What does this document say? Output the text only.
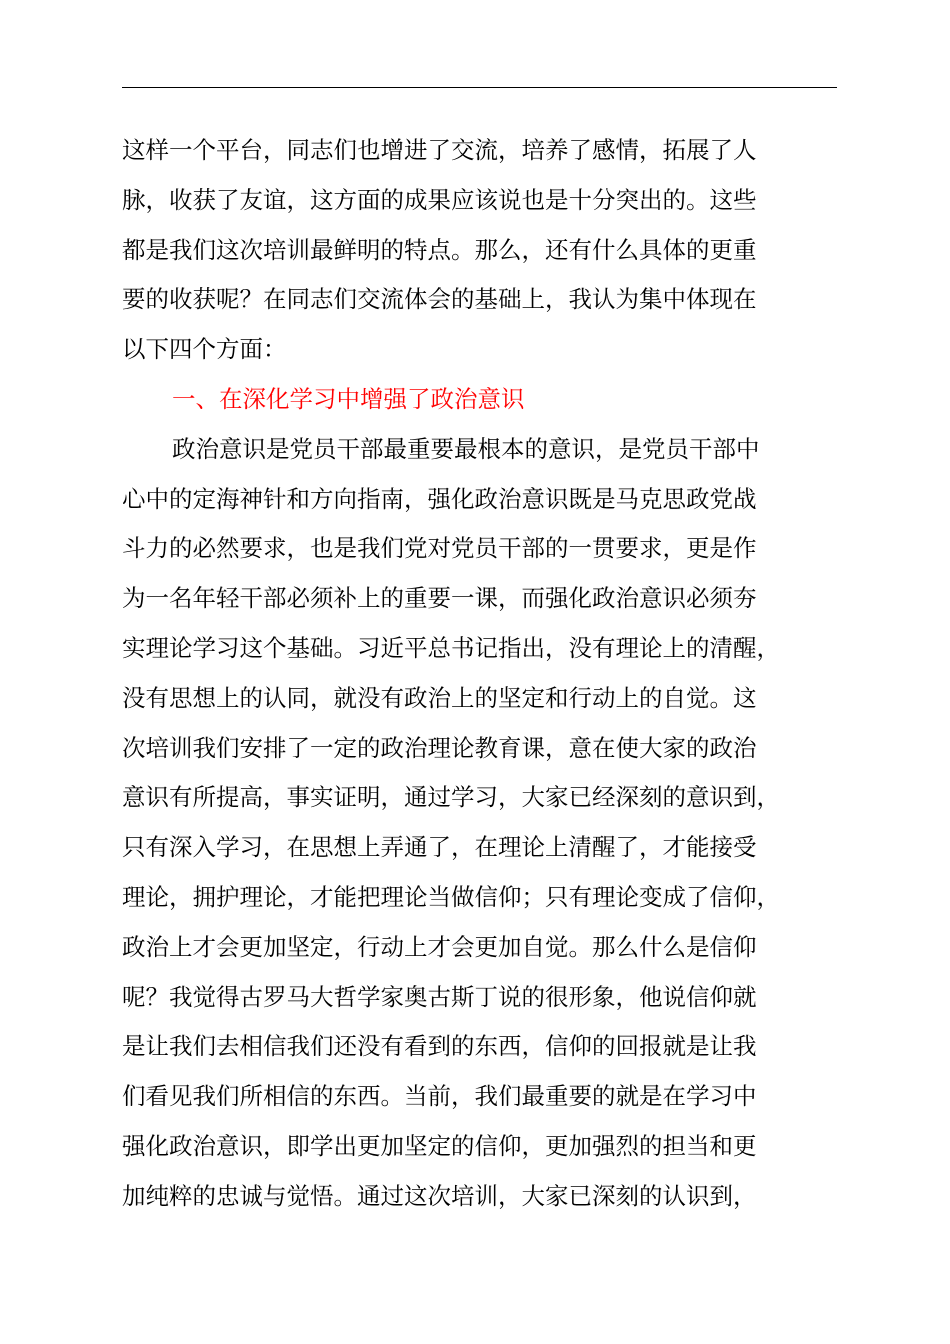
这样一个平台，同志们也增进了交流，培养了感情，拓展了人
脉，收获了友谊，这方面的成果应该说也是十分突出的。这些
都是我们这次培训最鲜明的特点。那么，还有什么具体的更重
要的收获呢？在同志们交流体会的基础上，我认为集中体现在
以下四个方面：
一、在深化学习中增强了政治意识
政治意识是党员干部最重要最根本的意识，是党员干部中
心中的定海神针和方向指南，强化政治意识既是马克思政党战
斗力的必然要求，也是我们党对党员干部的一贯要求，更是作
为一名年轻干部必须补上的重要一课，而强化政治意识必须夯
实理论学习这个基础。习近平总书记指出，没有理论上的清醒，
没有思想上的认同，就没有政治上的坚定和行动上的自觉。这
次培训我们安排了一定的政治理论教育课，意在使大家的政治
意识有所提高，事实证明，通过学习，大家已经深刻的意识到，
只有深入学习，在思想上弄通了，在理论上清醒了，才能接受
理论，拥护理论，才能把理论当做信仰；只有理论变成了信仰，
政治上才会更加坚定，行动上才会更加自觉。那么什么是信仰
呢？我觉得古罗马大哲学家奥古斯丁说的很形象，他说信仰就
是让我们去相信我们还没有看到的东西，信仰的回报就是让我
们看见我们所相信的东西。当前，我们最重要的就是在学习中
强化政治意识，即学出更加坚定的信仰，更加强烈的担当和更
加纯粹的忠诚与觉悟。通过这次培训，大家已深刻的认识到，
